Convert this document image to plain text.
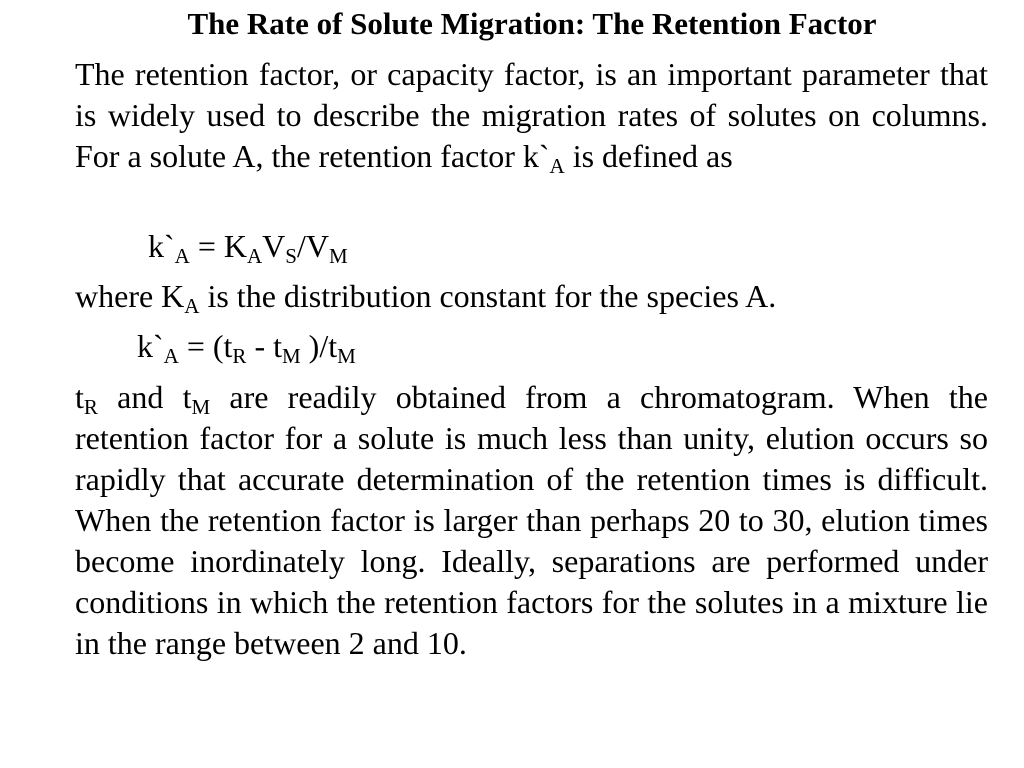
The Rate of Solute Migration: The Retention Factor

The retention factor, or capacity factor, is an important parameter that is widely used to describe the migration rates of solutes on columns. For a solute A, the retention factor $k`_A$ is defined as

$k`_A = K_AV_S/V_M$

where $K_A$ is the distribution constant for the species A.

$k`_A = (t_R - t_M$ )$/t_M$

$t_R$ and $t_M$ are readily obtained from a chromatogram. When the retention factor for a solute is much less than unity, elution occurs so rapidly that accurate determination of the retention times is difficult. When the retention factor is larger than perhaps 20 to 30, elution times become inordinately long. Ideally, separations are performed under conditions in which the retention factors for the solutes in a mixture lie in the range between 2 and 10.
